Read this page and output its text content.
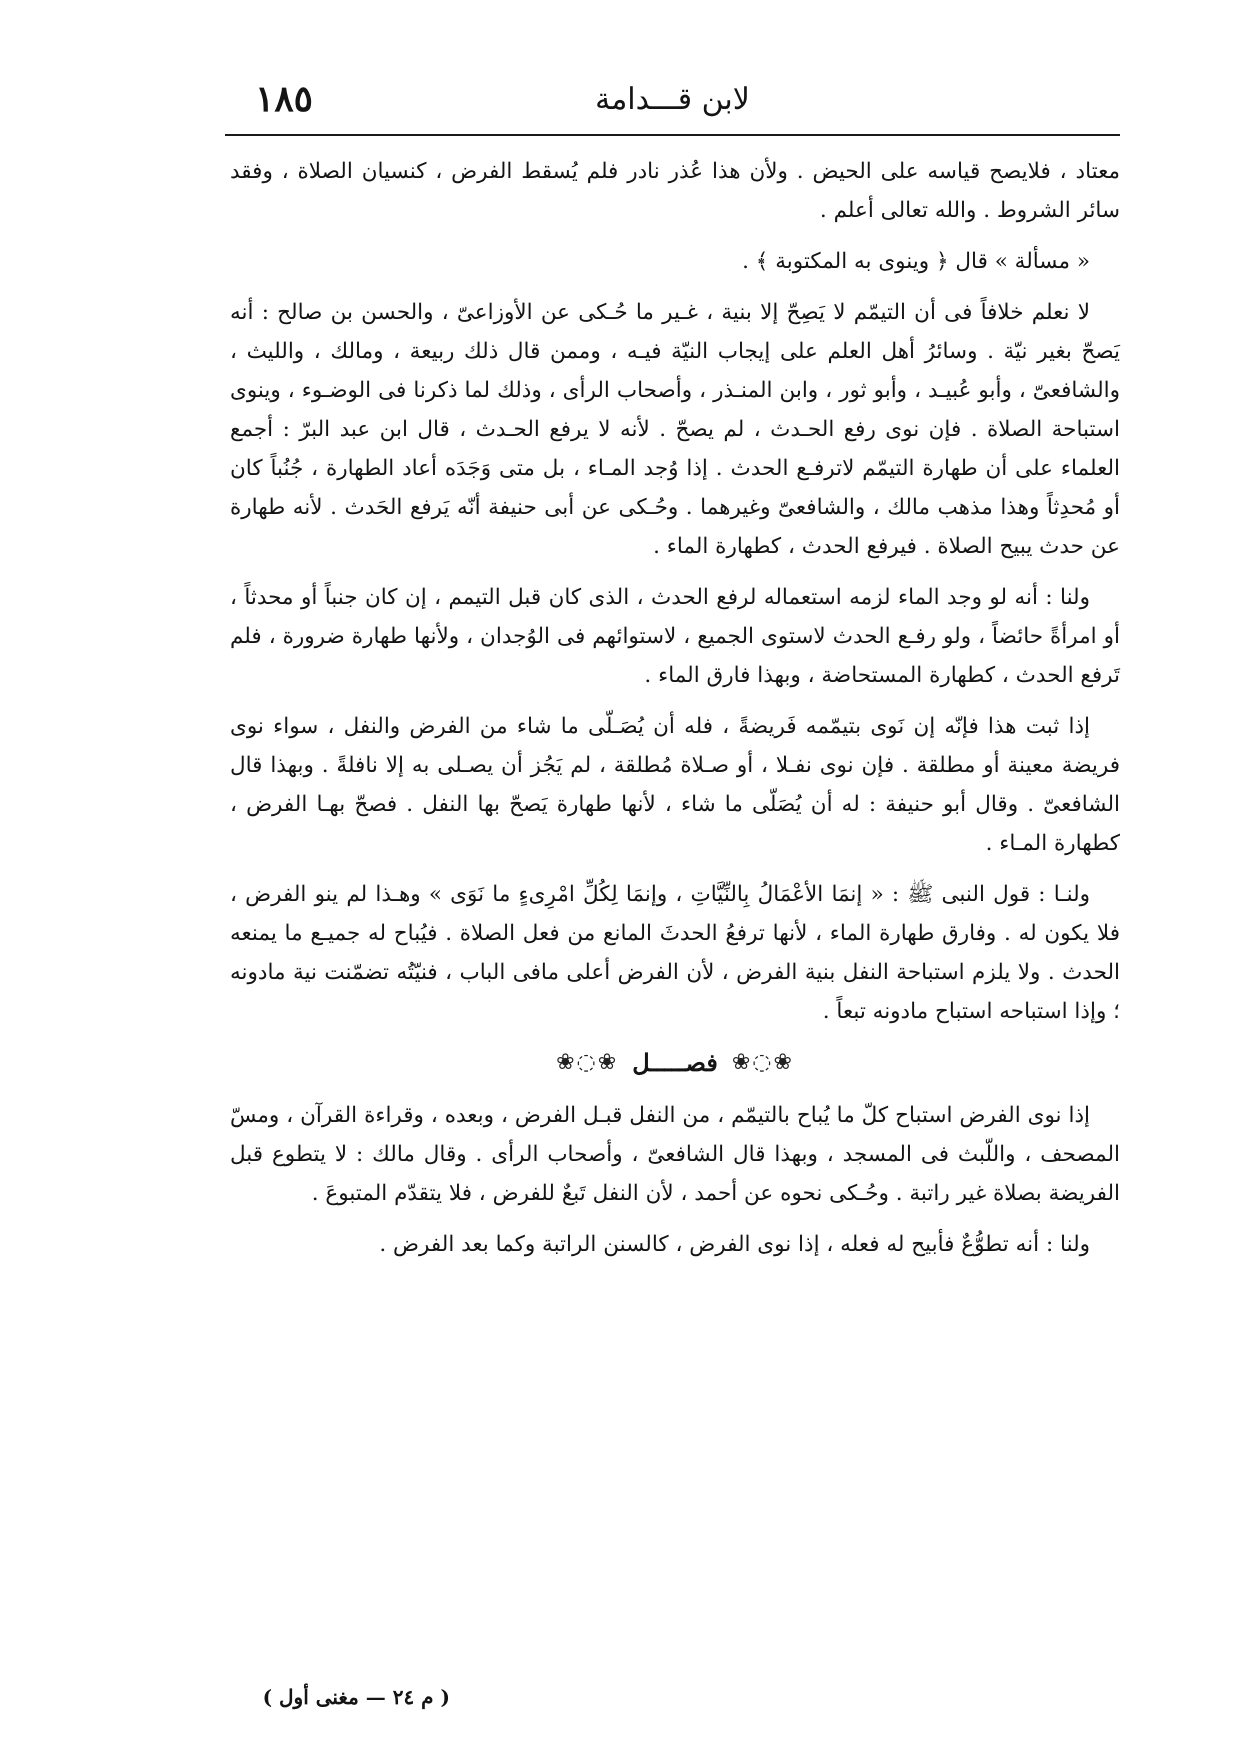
لابن قـــدامة
١٨٥

معتاد ، فلايصح قياسه على الحيض . ولأن هذا عُذر نادر فلم يُسقط الفرض ، كنسيان الصلاة ، وفقد سائر الشروط . والله تعالى أعلم .

« مسألة » قال ﴿ وينوى به المكتوبة ﴾ .

لا نعلم خلافاً فى أن التيمّم لا يَصِحّ إلا بنية ، غـير ما حُـكى عن الأوزاعىّ ، والحسن بن صالح : أنه يَصحّ بغير نيّة . وسائرُ أهل العلم على إيجاب النيّة فيـه ، وممن قال ذلك ربيعة ، ومالك ، والليث ، والشافعىّ ، وأبو عُبيـد ، وأبو ثور ، وابن المنـذر ، وأصحاب الرأى ، وذلك لما ذكرنا فى الوضـوء ، وينوى استباحة الصلاة . فإن نوى رفع الحـدث ، لم يصحّ . لأنه لا يرفع الحـدث ، قال ابن عبد البرّ : أجمع العلماء على أن طهارة التيمّم لاترفـع الحدث . إذا وُجد المـاء ، بل متى وَجَدَه أعاد الطهارة ، جُنُباً كان أو مُحدِثاً وهذا مذهب مالك ، والشافعىّ وغيرهما . وحُـكى عن أبى حنيفة أنّه يَرفع الحَدث . لأنه طهارة عن حدث يبيح الصلاة . فيرفع الحدث ، كطهارة الماء .

ولنا : أنه لو وجد الماء لزمه استعماله لرفع الحدث ، الذى كان قبل التيمم ، إن كان جنباً أو محدثاً ، أو امرأةً حائضاً ، ولو رفـع الحدث لاستوى الجميع ، لاستوائهم فى الوُجدان ، ولأنها طهارة ضرورة ، فلم تَرفع الحدث ، كطهارة المستحاضة ، وبهذا فارق الماء .

إذا ثبت هذا فإنّه إن نَوى بتيمّمه فَريضةً ، فله أن يُصَـلّى ما شاء من الفرض والنفل ، سواء نوى فريضة معينة أو مطلقة . فإن نوى نفـلا ، أو صـلاة مُطلقة ، لم يَجُز أن يصـلى به إلا نافلةً . وبهذا قال الشافعىّ . وقال أبو حنيفة : له أن يُصَلّى ما شاء ، لأنها طهارة يَصحّ بها النفل . فصحّ بهـا الفرض ، كطهارة المـاء .

ولنـا : قول النبى ﷺ : « إنمَا الأعْمَالُ بِالنِّيَّاتِ ، وإنمَا لِكُلِّ امْرِىءٍ ما نَوَى » وهـذا لم ينو الفرض ، فلا يكون له . وفارق طهارة الماء ، لأنها ترفعُ الحدثَ المانع من فعل الصلاة . فيُباح له جميـع ما يمنعه الحدث . ولا يلزم استباحة النفل بنية الفرض ، لأن الفرض أعلى مافى الباب ، فنيّتُه تضمّنت نية مادونه ؛ وإذا استباحه استباح مادونه تبعاً .

❀◌❀
فصـــــل
❀◌❀

إذا نوى الفرض استباح كلّ ما يُباح بالتيمّم ، من النفل قبـل الفرض ، وبعده ، وقراءة القرآن ، ومسّ المصحف ، واللّبث فى المسجد ، وبهذا قال الشافعىّ ، وأصحاب الرأى . وقال مالك : لا يتطوع قبل الفريضة بصلاة غير راتبة . وحُـكى نحوه عن أحمد ، لأن النفل تَبعٌ للفرض ، فلا يتقدّم المتبوعَ .

ولنا : أنه تطوُّعٌ فأبيح له فعله ، إذا نوى الفرض ، كالسنن الراتبة وكما بعد الفرض .

( م ٢٤ — مغنى أول )
